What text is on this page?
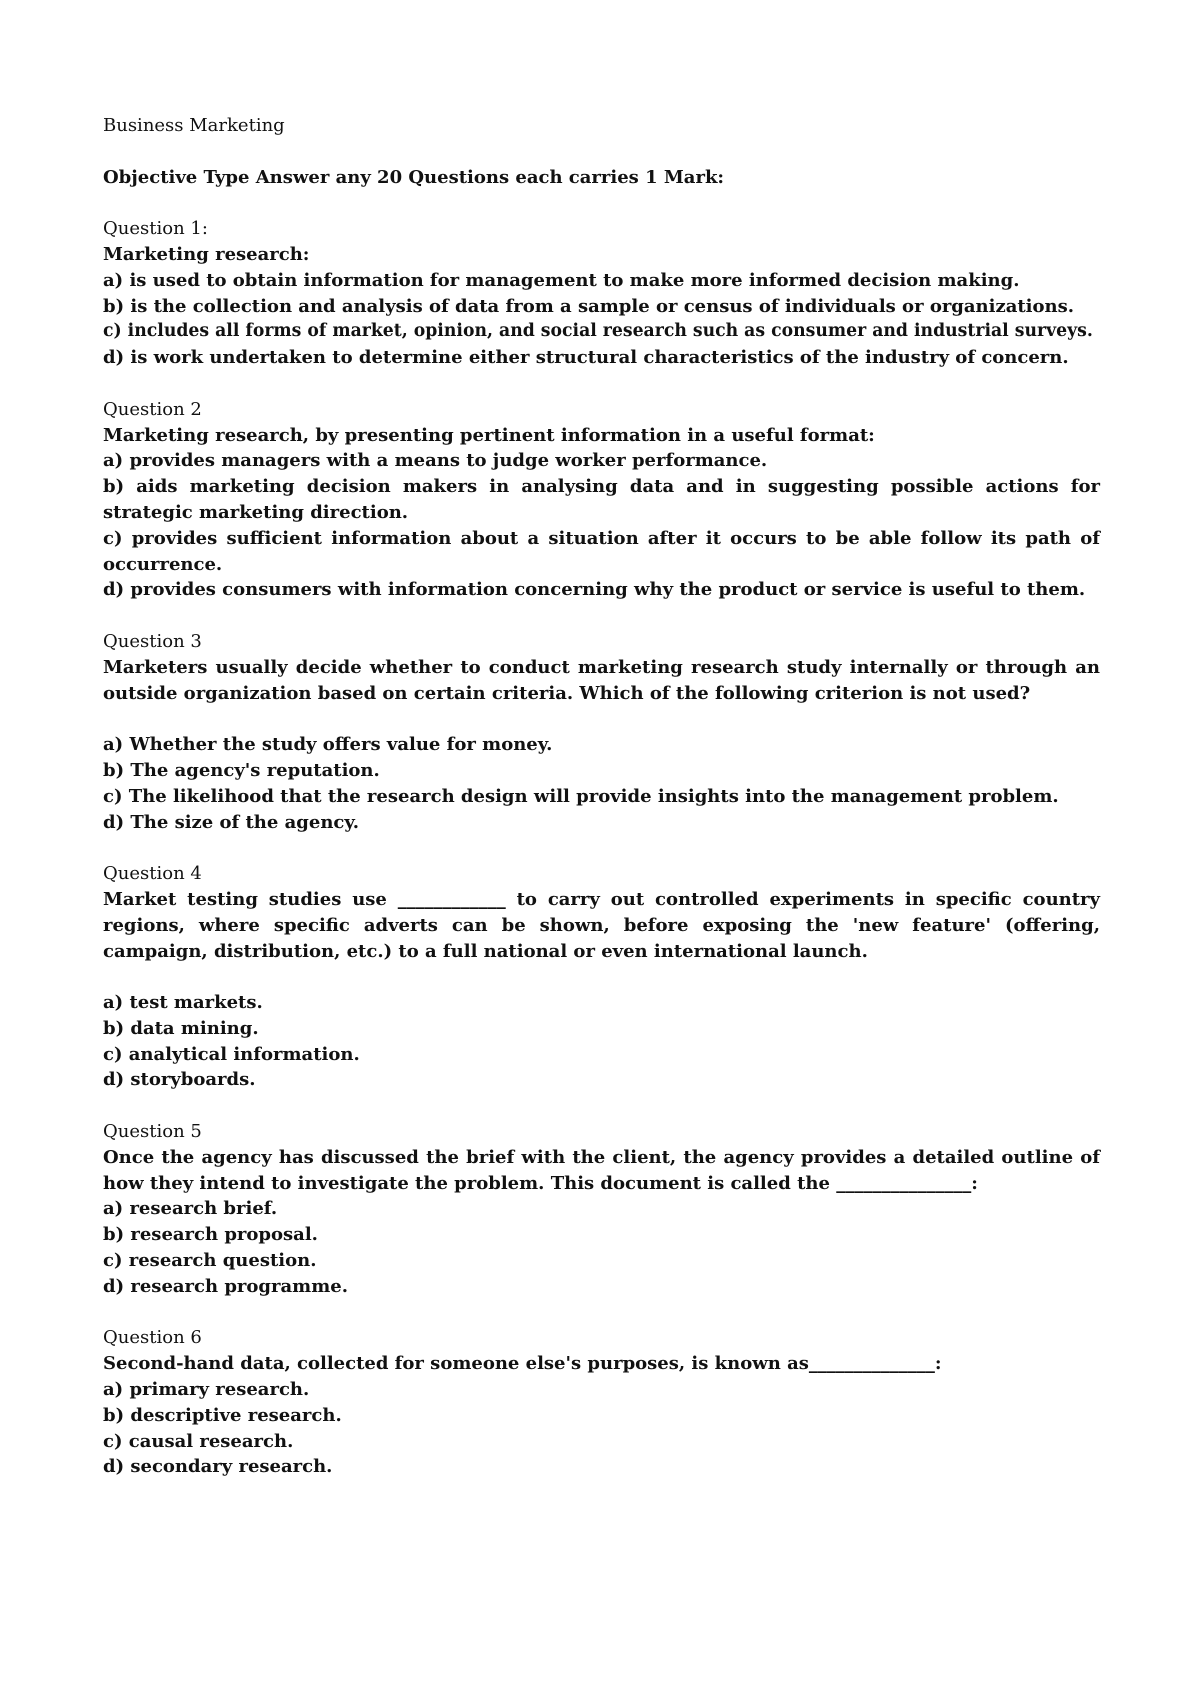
Business Marketing
Objective Type Answer any 20 Questions each carries 1 Mark:
Question 1:
Marketing research:
a) is used to obtain information for management to make more informed decision making.
b) is the collection and analysis of data from a sample or census of individuals or organizations.
c) includes all forms of market, opinion, and social research such as consumer and industrial surveys.
d) is work undertaken to determine either structural characteristics of the industry of concern.
Question 2
Marketing research, by presenting pertinent information in a useful format:
a) provides managers with a means to judge worker performance.
b) aids marketing decision makers in analysing data and in suggesting possible actions for strategic marketing direction.
c) provides sufficient information about a situation after it occurs to be able follow its path of occurrence.
d) provides consumers with information concerning why the product or service is useful to them.
Question 3
Marketers usually decide whether to conduct marketing research study internally or through an outside organization based on certain criteria. Which of the following criterion is not used?
a) Whether the study offers value for money.
b) The agency's reputation.
c) The likelihood that the research design will provide insights into the management problem.
d) The size of the agency.
Question 4
Market testing studies use ____________ to carry out controlled experiments in specific country regions, where specific adverts can be shown, before exposing the 'new feature' (offering, campaign, distribution, etc.) to a full national or even international launch.
a) test markets.
b) data mining.
c) analytical information.
d) storyboards.
Question 5
Once the agency has discussed the brief with the client, the agency provides a detailed outline of how they intend to investigate the problem. This document is called the _______________:
a) research brief.
b) research proposal.
c) research question.
d) research programme.
Question 6
Second-hand data, collected for someone else's purposes, is known as______________:
a) primary research.
b) descriptive research.
c) causal research.
d) secondary research.
